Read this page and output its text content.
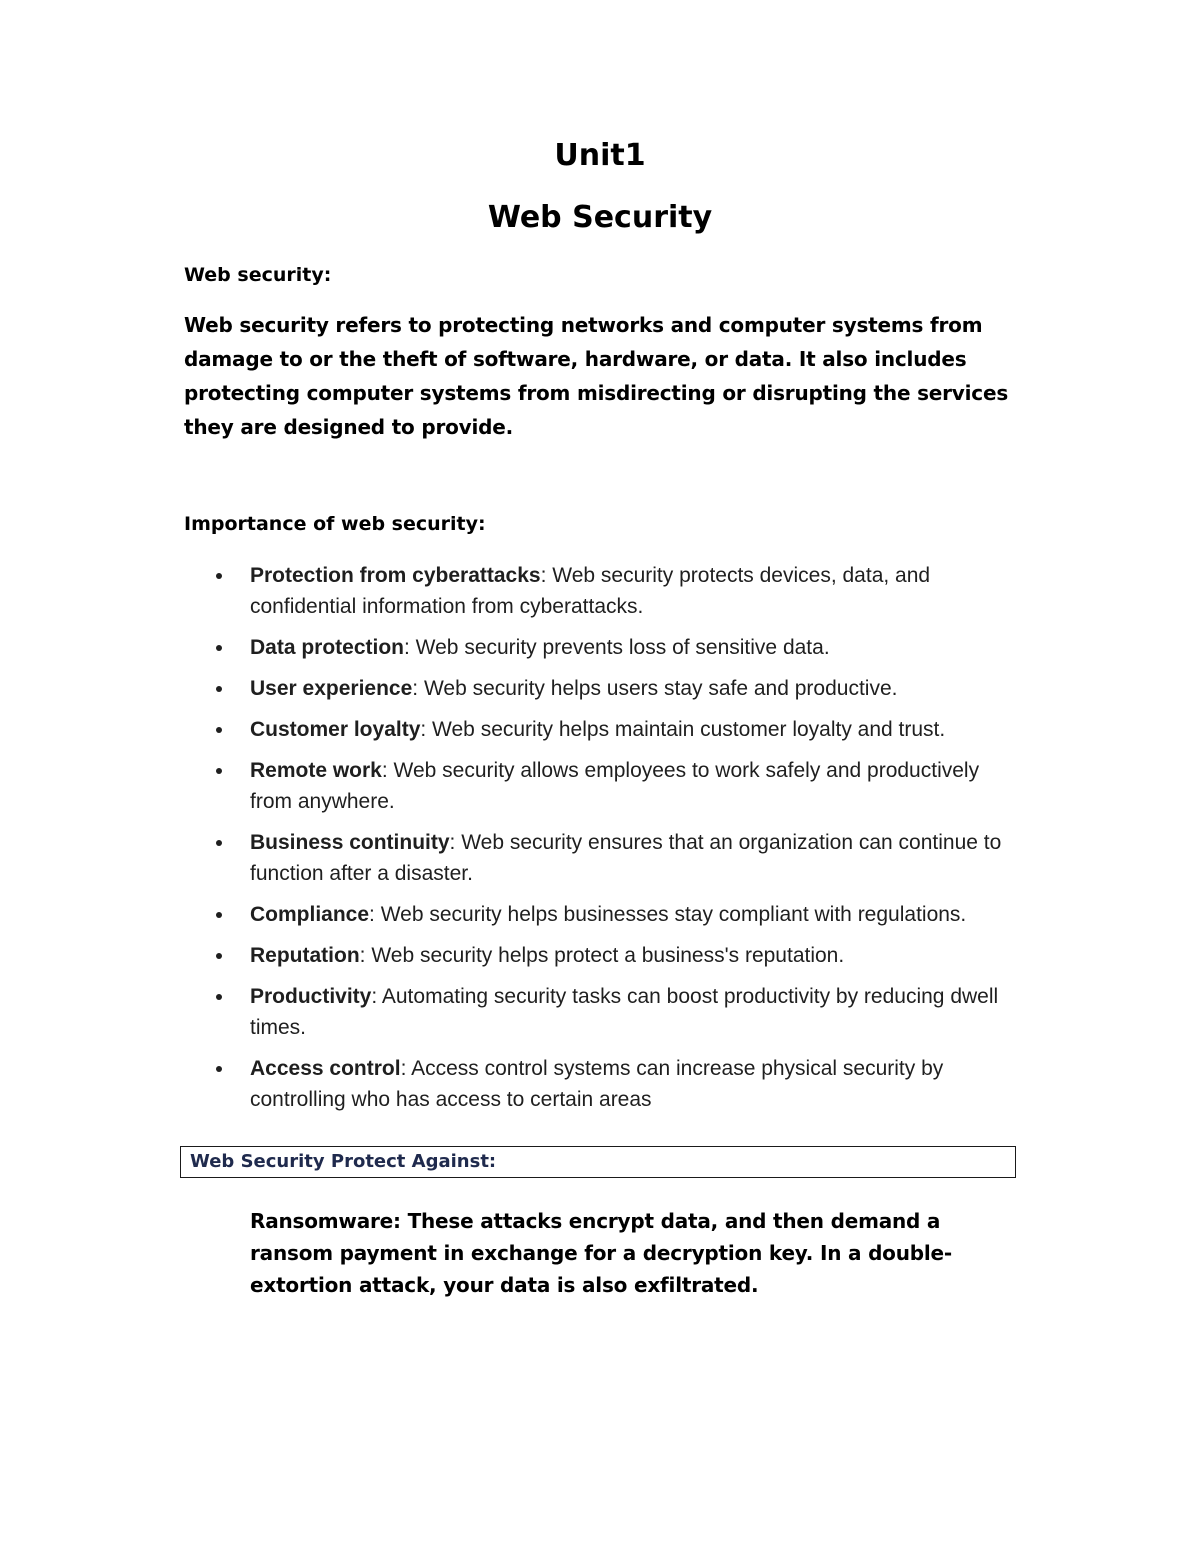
Unit1
Web Security
Web security:
Web security refers to protecting networks and computer systems from damage to or the theft of software, hardware, or data. It also includes protecting computer systems from misdirecting or disrupting the services they are designed to provide.
Importance of web security:
Protection from cyberattacks: Web security protects devices, data, and confidential information from cyberattacks.
Data protection: Web security prevents loss of sensitive data.
User experience: Web security helps users stay safe and productive.
Customer loyalty: Web security helps maintain customer loyalty and trust.
Remote work: Web security allows employees to work safely and productively from anywhere.
Business continuity: Web security ensures that an organization can continue to function after a disaster.
Compliance: Web security helps businesses stay compliant with regulations.
Reputation: Web security helps protect a business's reputation.
Productivity: Automating security tasks can boost productivity by reducing dwell times.
Access control: Access control systems can increase physical security by controlling who has access to certain areas
Web Security Protect Against:
Ransomware: These attacks encrypt data, and then demand a ransom payment in exchange for a decryption key. In a double-extortion attack, your data is also exfiltrated.
